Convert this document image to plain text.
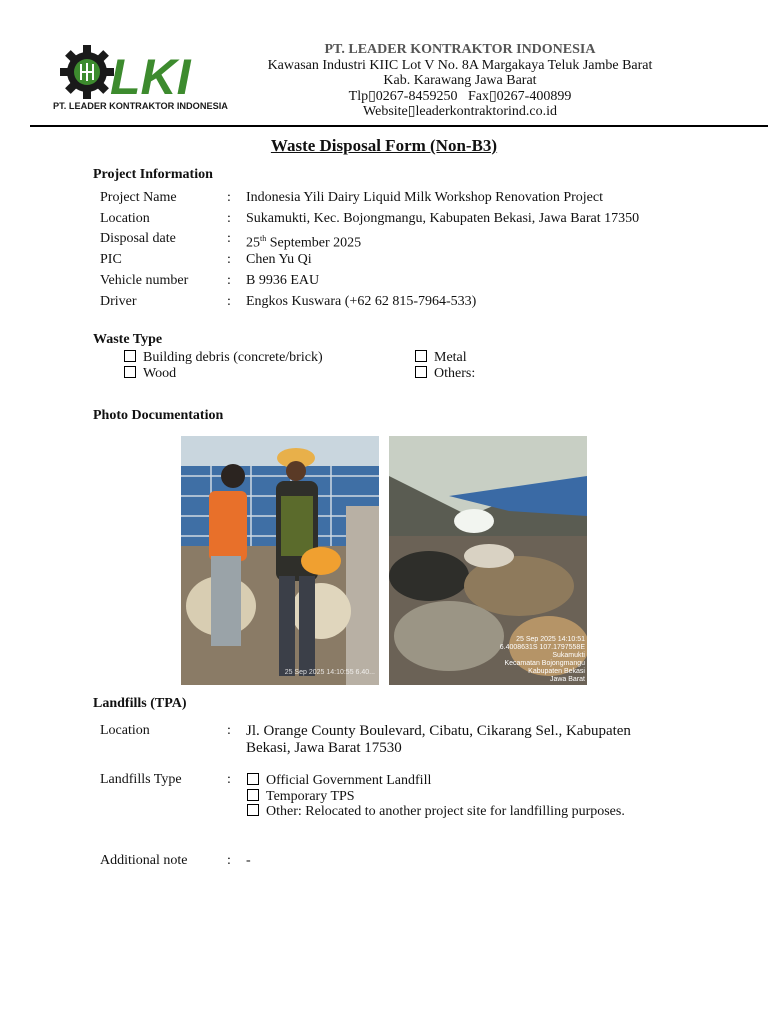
LKI
PT. LEADER KONTRAKTOR INDONESIA
PT. LEADER KONTRAKTOR INDONESIA
Kawasan Industri KIIC Lot V No. 8A Margakaya Teluk Jambe Barat
Kab. Karawang Jawa Barat
Tlp▯0267-8459250   Fax▯0267-400899
Website▯leaderkontraktorind.co.id
Waste Disposal Form (Non-B3)
Project Information
Project Name	: Indonesia Yili Dairy Liquid Milk Workshop Renovation Project
Location	: Sukamukti, Kec. Bojongmangu, Kabupaten Bekasi, Jawa Barat 17350
Disposal date	: 25th September 2025
PIC	: Chen Yu Qi
Vehicle number	: B 9936 EAU
Driver	: Engkos Kuswara (+62 62 815-7964-533)
Waste Type
Building debris (concrete/brick)
Wood
Metal
Others:
Photo Documentation
25 Sep 2025 14:10:55 6.40...
25 Sep 2025 14:10:51
6.4008631S 107.1797558E
Sukamukti
Kecamatan Bojongmangu
Kabupaten Bekasi
Jawa Barat
Landfills (TPA)
Location	: Jl. Orange County Boulevard, Cibatu, Cikarang Sel., Kabupaten
Bekasi, Jawa Barat 17530
Landfills Type	:	Official Government Landfill
Temporary TPS
Other: Relocated to another project site for landfilling purposes.
Additional note	: -
